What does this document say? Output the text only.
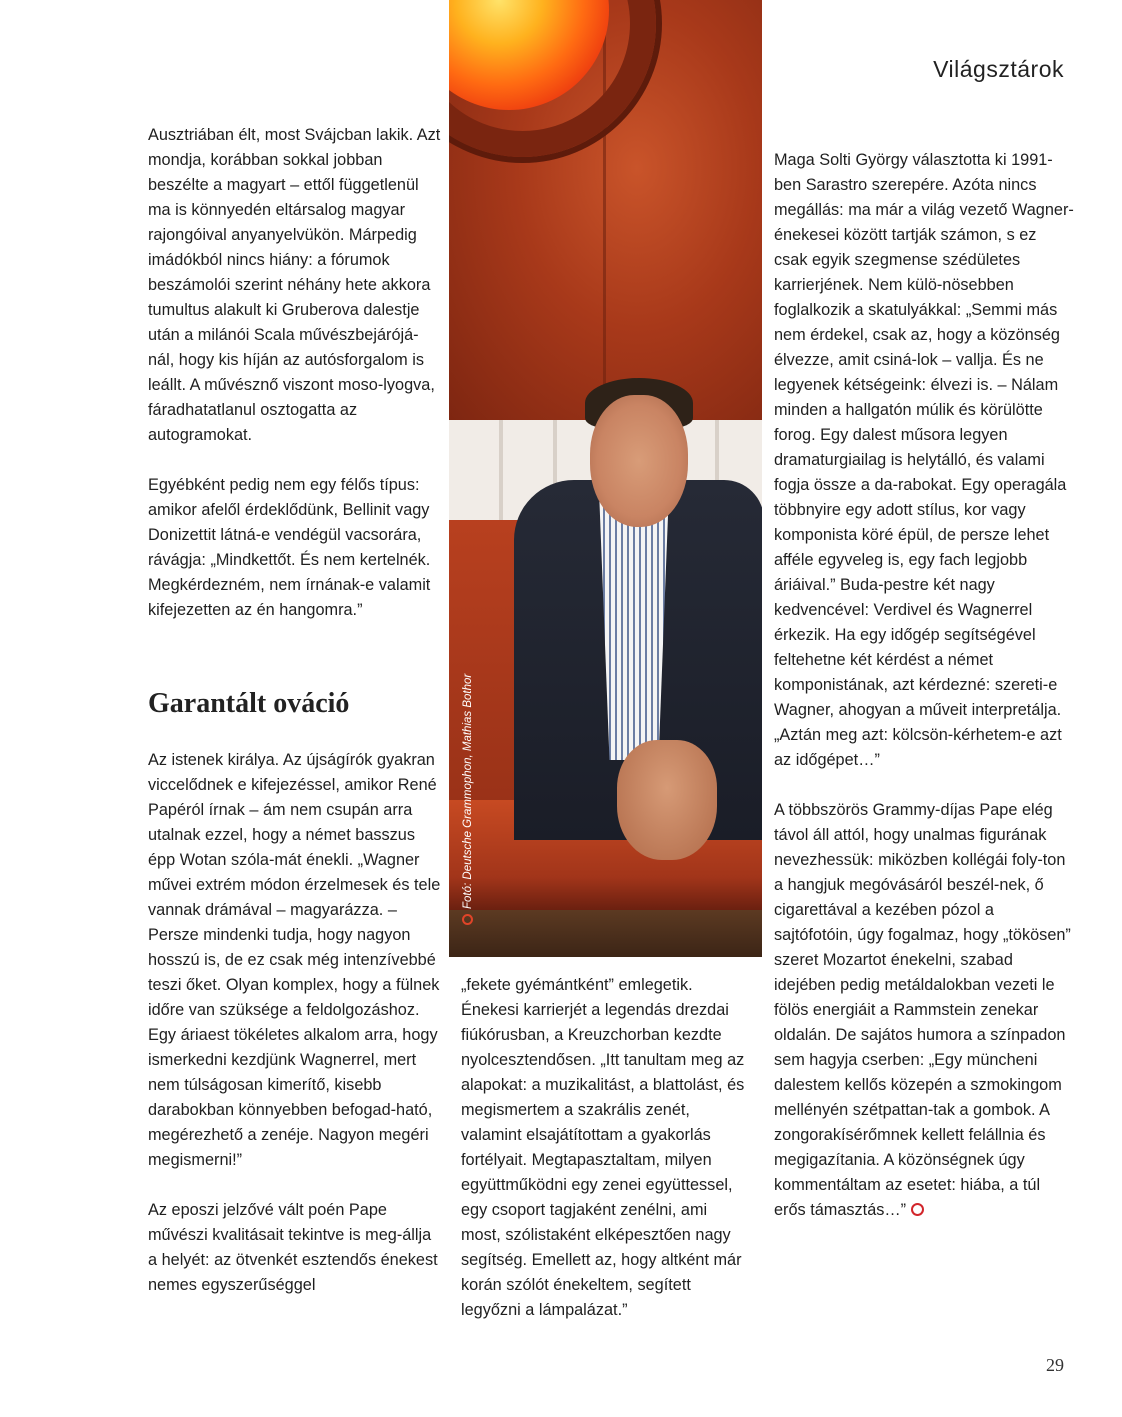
Világsztárok

Ausztriában élt, most Svájcban lakik. Azt mondja, korábban sokkal jobban beszélte a magyart – ettől függetlenül ma is könnyedén eltársalog magyar rajongóival anyanyelvükön. Márpedig imádókból nincs hiány: a fórumok beszámolói szerint néhány hete akkora tumultus alakult ki Gruberova dalestje után a milánói Scala művészbejárójá-nál, hogy kis híján az autósforgalom is leállt. A művésznő viszont moso-lyogva, fáradhatatlanul osztogatta az autogramokat.

Egyébként pedig nem egy félős típus: amikor afelől érdeklődünk, Bellinit vagy Donizettit látná-e vendégül vacsorára, rávágja: „Mindkettőt. És nem kertelnék. Megkérdezném, nem írnának-e valamit kifejezetten az én hangomra.”

Garantált ováció

Az istenek királya. Az újságírók gyakran viccelődnek e kifejezéssel, amikor René Papéról írnak – ám nem csupán arra utalnak ezzel, hogy a német basszus épp Wotan szóla-mát énekli. „Wagner művei extrém módon érzelmesek és tele vannak drámával – magyarázza. – Persze mindenki tudja, hogy nagyon hosszú is, de ez csak még intenzívebbé teszi őket. Olyan komplex, hogy a fülnek időre van szüksége a feldolgozáshoz. Egy áriaest tökéletes alkalom arra, hogy ismerkedni kezdjünk Wagnerrel, mert nem túlságosan kimerítő, kisebb darabokban könnyebben befogad-ható, megérezhető a zenéje. Nagyon megéri megismerni!”

Az eposzi jelzővé vált poén Pape művészi kvalitásait tekintve is meg-állja a helyét: az ötvenkét esztendős énekest nemes egyszerűséggel

Fotó: Deutsche Grammophon, Mathias Bothor

„fekete gyémántként” emlegetik. Énekesi karrierjét a legendás drezdai fiúkórusban, a Kreuzchorban kezdte nyolcesztendősen. „Itt tanultam meg az alapokat: a muzikalitást, a blattolást, és megismertem a szakrális zenét, valamint elsajátítottam a gyakorlás fortélyait. Megtapasztaltam, milyen együttműködni egy zenei együttessel, egy csoport tagjaként zenélni, ami most, szólistaként elképesztően nagy segítség. Emellett az, hogy altként már korán szólót énekeltem, segített legyőzni a lámpalázat.”

Maga Solti György választotta ki 1991-ben Sarastro szerepére. Azóta nincs megállás: ma már a világ vezető Wagner-énekesei között tartják számon, s ez csak egyik szegmense szédületes karrierjének. Nem külö-nösebben foglalkozik a skatulyákkal: „Semmi más nem érdekel, csak az, hogy a közönség élvezze, amit csiná-lok – vallja. És ne legyenek kétségeink: élvezi is. – Nálam minden a hallgatón múlik és körülötte forog. Egy dalest műsora legyen dramaturgiailag is helytálló, és valami fogja össze a da-rabokat. Egy operagála többnyire egy adott stílus, kor vagy komponista köré épül, de persze lehet afféle egyveleg is, egy fach legjobb áriáival.” Buda-pestre két nagy kedvencével: Verdivel és Wagnerrel érkezik. Ha egy időgép segítségével feltehetne két kérdést a német komponistának, azt kérdezné: szereti-e Wagner, ahogyan a műveit interpretálja. „Aztán meg azt: kölcsön-kérhetem-e azt az időgépet…”

A többszörös Grammy-díjas Pape elég távol áll attól, hogy unalmas figurának nevezhessük: miközben kollégái foly-ton a hangjuk megóvásáról beszél-nek, ő cigarettával a kezében pózol a sajtófotóin, úgy fogalmaz, hogy „tökösen” szeret Mozartot énekelni, szabad idejében pedig metáldalokban vezeti le fölös energiáit a Rammstein zenekar oldalán. De sajátos humora a színpadon sem hagyja cserben: „Egy müncheni dalestem kellős közepén a szmokingom mellényén szétpattan-tak a gombok. A zongorakísérőmnek kellett felállnia és megigazítania. A közönségnek úgy kommentáltam az esetet: hiába, a túl erős támasztás…”

29
